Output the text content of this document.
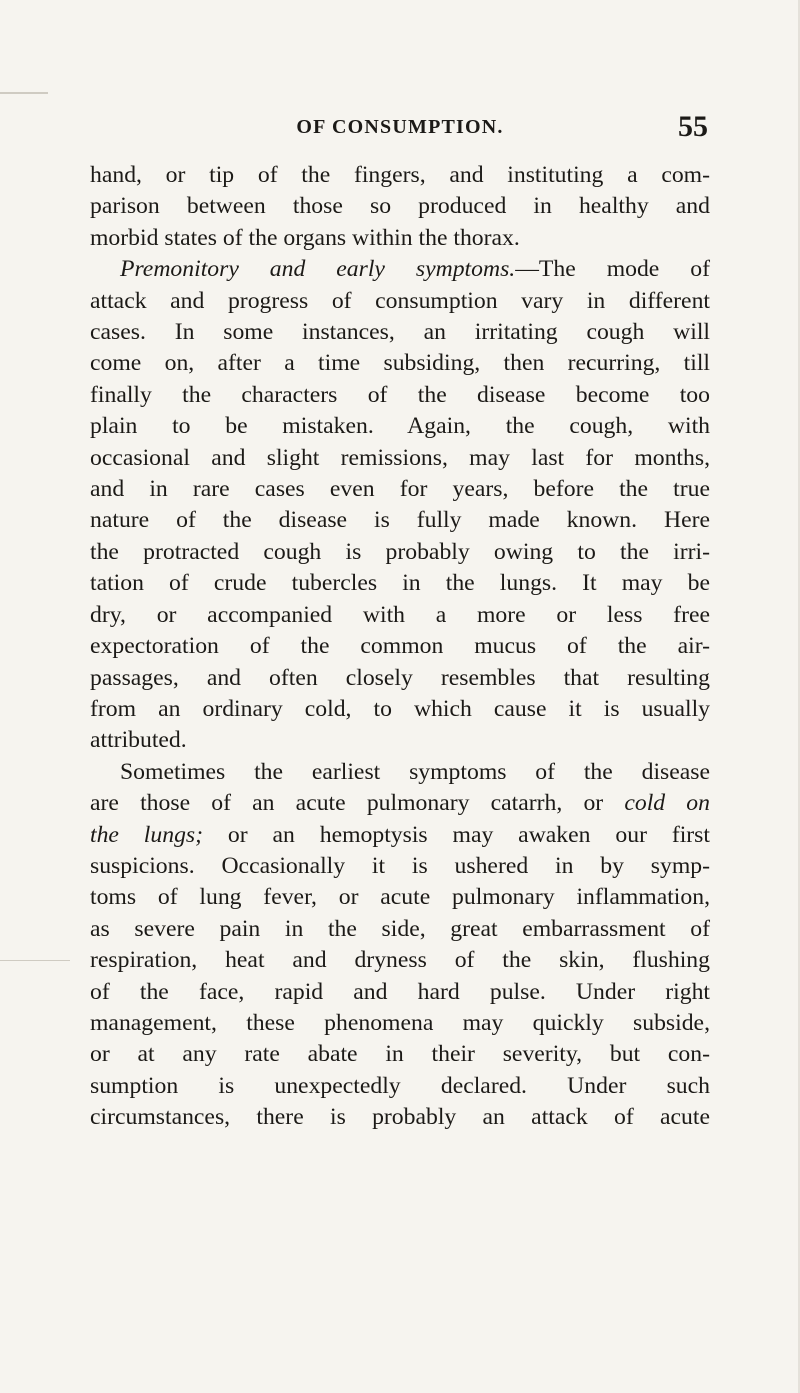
OF CONSUMPTION.	55
hand, or tip of the fingers, and instituting a com-
parison between those so produced in healthy and
morbid states of the organs within the thorax.
Premonitory and early symptoms.—The mode of
attack and progress of consumption vary in different
cases. In some instances, an irritating cough will
come on, after a time subsiding, then recurring, till
finally the characters of the disease become too
plain to be mistaken. Again, the cough, with
occasional and slight remissions, may last for months,
and in rare cases even for years, before the true
nature of the disease is fully made known. Here
the protracted cough is probably owing to the irri-
tation of crude tubercles in the lungs. It may be
dry, or accompanied with a more or less free
expectoration of the common mucus of the air-
passages, and often closely resembles that resulting
from an ordinary cold, to which cause it is usually
attributed.
Sometimes the earliest symptoms of the disease
are those of an acute pulmonary catarrh, or cold on
the lungs; or an hemoptysis may awaken our first
suspicions. Occasionally it is ushered in by symp-
toms of lung fever, or acute pulmonary inflammation,
as severe pain in the side, great embarrassment of
respiration, heat and dryness of the skin, flushing
of the face, rapid and hard pulse. Under right
management, these phenomena may quickly subside,
or at any rate abate in their severity, but con-
sumption is unexpectedly declared. Under such
circumstances, there is probably an attack of acute
